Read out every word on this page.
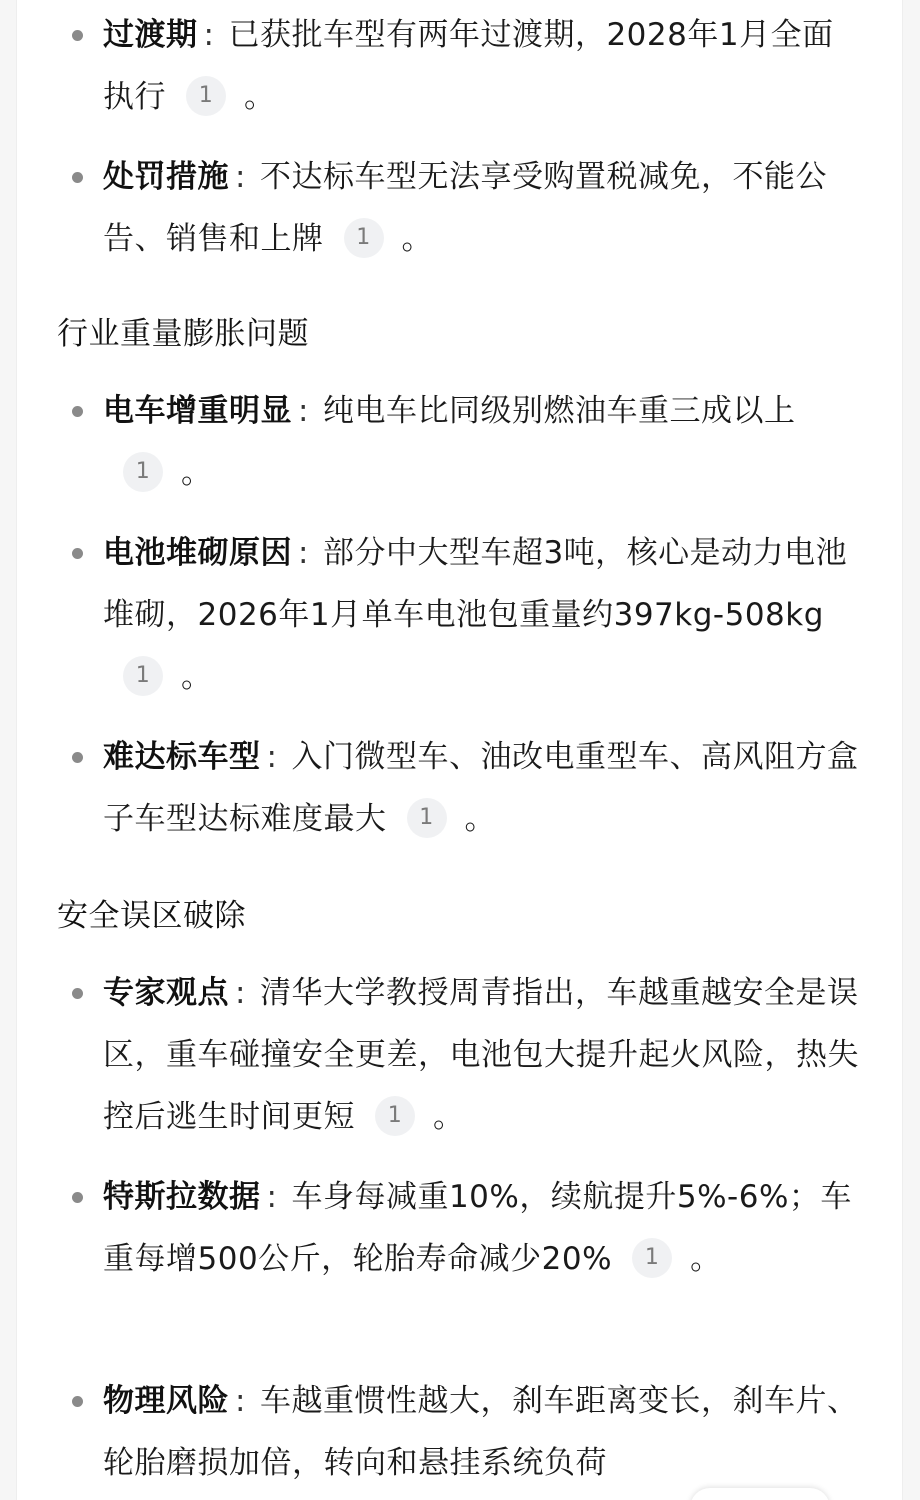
过渡期 : 已获批车型有两年过渡期，2028年1月全面执行 1 。
处罚措施 : 不达标车型无法享受购置税减免，不能公告、销售和上牌 1 。
行业重量膨胀问题
电车增重明显 : 纯电车比同级别燃油车重三成以上1 。
电池堆砌原因 : 部分中大型车超3吨，核心是动力电池堆砌，2026年1月单车电池包重量约397kg-508kg1 。
难达标车型 : 入门微型车、油改电重型车、高风阻方盒子车型达标难度最大 1 。
安全误区破除
专家观点 : 清华大学教授周青指出，车越重越安全是误区，重车碰撞安全更差，电池包大提升起火风险，热失控后逃生时间更短 1 。
特斯拉数据 : 车身每减重10%，续航提升5%-6%；车重每增500公斤，轮胎寿命减少20% 1 。
物理风险 : 车越重惯性越大，刹车距离变长，刹车片、轮胎磨损加倍，转向和悬挂系统负荷
